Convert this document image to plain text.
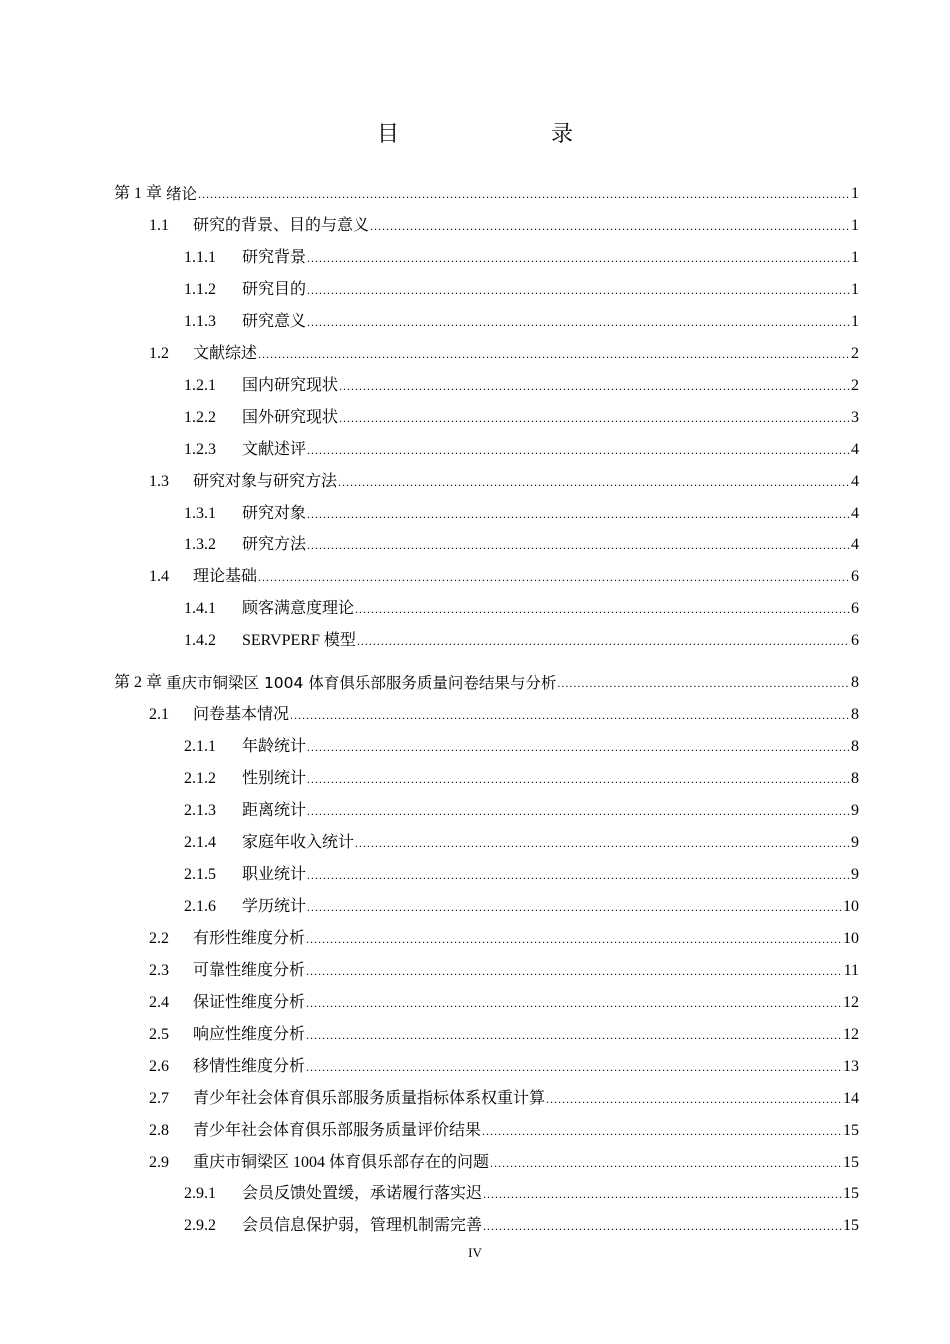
目　　录
第 1 章 绪论 .....	1
1.1	研究的背景、目的与意义 .....	1
1.1.1	研究背景 .....	1
1.1.2	研究目的 .....	1
1.1.3	研究意义 .....	1
1.2	文献综述 .....	2
1.2.1	国内研究现状 .....	2
1.2.2	国外研究现状 .....	3
1.2.3	文献述评 .....	4
1.3	研究对象与研究方法 .....	4
1.3.1	研究对象 .....	4
1.3.2	研究方法 .....	4
1.4	理论基础 .....	6
1.4.1	顾客满意度理论 .....	6
1.4.2	SERVPERF 模型 .....	6
第 2 章 重庆市铜梁区 1004 体育俱乐部服务质量问卷结果与分析 .....	8
2.1	问卷基本情况 .....	8
2.1.1	年龄统计 .....	8
2.1.2	性别统计 .....	8
2.1.3	距离统计 .....	9
2.1.4	家庭年收入统计 .....	9
2.1.5	职业统计 .....	9
2.1.6	学历统计 .....	10
2.2	有形性维度分析 .....	10
2.3	可靠性维度分析 .....	11
2.4	保证性维度分析 .....	12
2.5	响应性维度分析 .....	12
2.6	移情性维度分析 .....	13
2.7	青少年社会体育俱乐部服务质量指标体系权重计算 .....	14
2.8	青少年社会体育俱乐部服务质量评价结果 .....	15
2.9	重庆市铜梁区 1004 体育俱乐部存在的问题 .....	15
2.9.1	会员反馈处置缓，承诺履行落实迟 .....	15
2.9.2	会员信息保护弱，管理机制需完善 .....	15
IV
